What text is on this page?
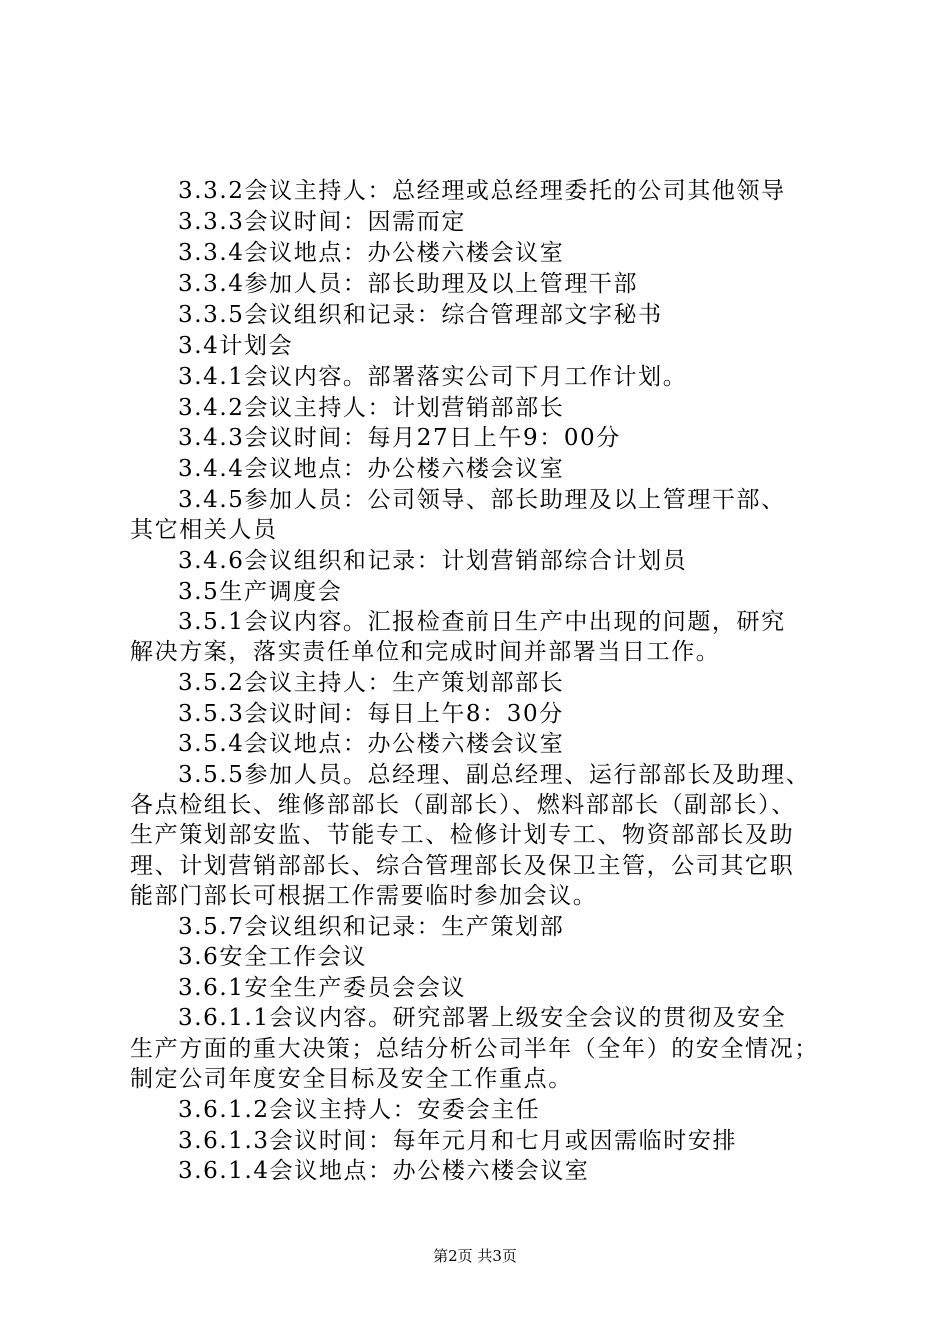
3.3.2会议主持人：总经理或总经理委托的公司其他领导
3.3.3会议时间：因需而定
3.3.4会议地点：办公楼六楼会议室
3.3.4参加人员：部长助理及以上管理干部
3.3.5会议组织和记录：综合管理部文字秘书
3.4计划会
3.4.1会议内容。部署落实公司下月工作计划。
3.4.2会议主持人：计划营销部部长
3.4.3会议时间：每月27日上午9：00分
3.4.4会议地点：办公楼六楼会议室
3.4.5参加人员：公司领导、部长助理及以上管理干部、
其它相关人员
3.4.6会议组织和记录：计划营销部综合计划员
3.5生产调度会
3.5.1会议内容。汇报检查前日生产中出现的问题，研究
解决方案，落实责任单位和完成时间并部署当日工作。
3.5.2会议主持人：生产策划部部长
3.5.3会议时间：每日上午8：30分
3.5.4会议地点：办公楼六楼会议室
3.5.5参加人员。总经理、副总经理、运行部部长及助理、
各点检组长、维修部部长（副部长）、燃料部部长（副部长）、
生产策划部安监、节能专工、检修计划专工、物资部部长及助
理、计划营销部部长、综合管理部长及保卫主管，公司其它职
能部门部长可根据工作需要临时参加会议。
3.5.7会议组织和记录：生产策划部
3.6安全工作会议
3.6.1安全生产委员会会议
3.6.1.1会议内容。研究部署上级安全会议的贯彻及安全
生产方面的重大决策；总结分析公司半年（全年）的安全情况；
制定公司年度安全目标及安全工作重点。
3.6.1.2会议主持人：安委会主任
3.6.1.3会议时间：每年元月和七月或因需临时安排
3.6.1.4会议地点：办公楼六楼会议室
第2页 共3页
